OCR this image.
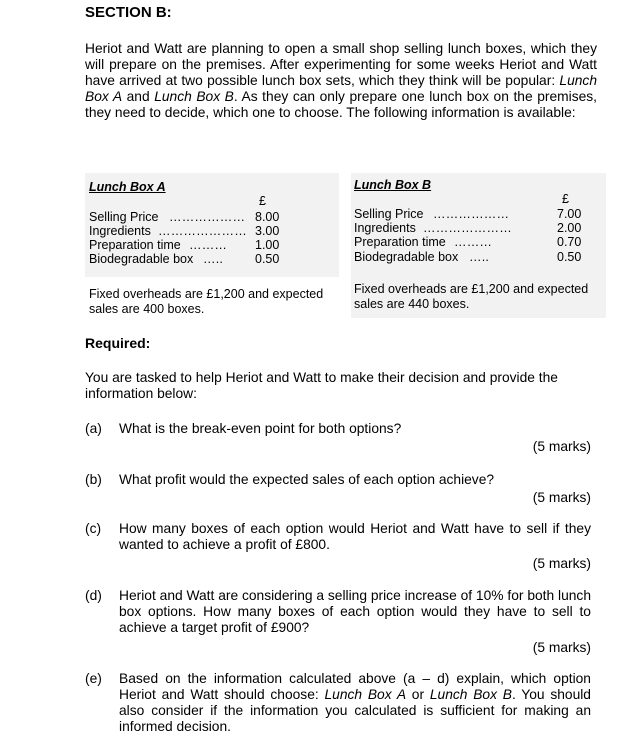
SECTION B:
Heriot and Watt are planning to open a small shop selling lunch boxes, which they will prepare on the premises. After experimenting for some weeks Heriot and Watt have arrived at two possible lunch box sets, which they think will be popular: Lunch Box A and Lunch Box B. As they can only prepare one lunch box on the premises, they need to decide, which one to choose. The following information is available:
Lunch Box A
£
Selling Price ……………… 8.00
Ingredients ………………… 3.00
Preparation time ……… 1.00
Biodegradable box …..	0.50
Fixed overheads are £1,200 and expected sales are 400 boxes.
Lunch Box B
£
Selling Price ………………	7.00
Ingredients …………………	2.00
Preparation time ………	0.70
Biodegradable box …..	0.50
Fixed overheads are £1,200 and expected sales are 440 boxes.
Required:
You are tasked to help Heriot and Watt to make their decision and provide the information below:
(a) What is the break-even point for both options?
(5 marks)
(b) What profit would the expected sales of each option achieve?
(5 marks)
(c) How many boxes of each option would Heriot and Watt have to sell if they wanted to achieve a profit of £800.
(5 marks)
(d) Heriot and Watt are considering a selling price increase of 10% for both lunch box options. How many boxes of each option would they have to sell to achieve a target profit of £900?
(5 marks)
(e) Based on the information calculated above (a – d) explain, which option Heriot and Watt should choose: Lunch Box A or Lunch Box B. You should also consider if the information you calculated is sufficient for making an informed decision.
